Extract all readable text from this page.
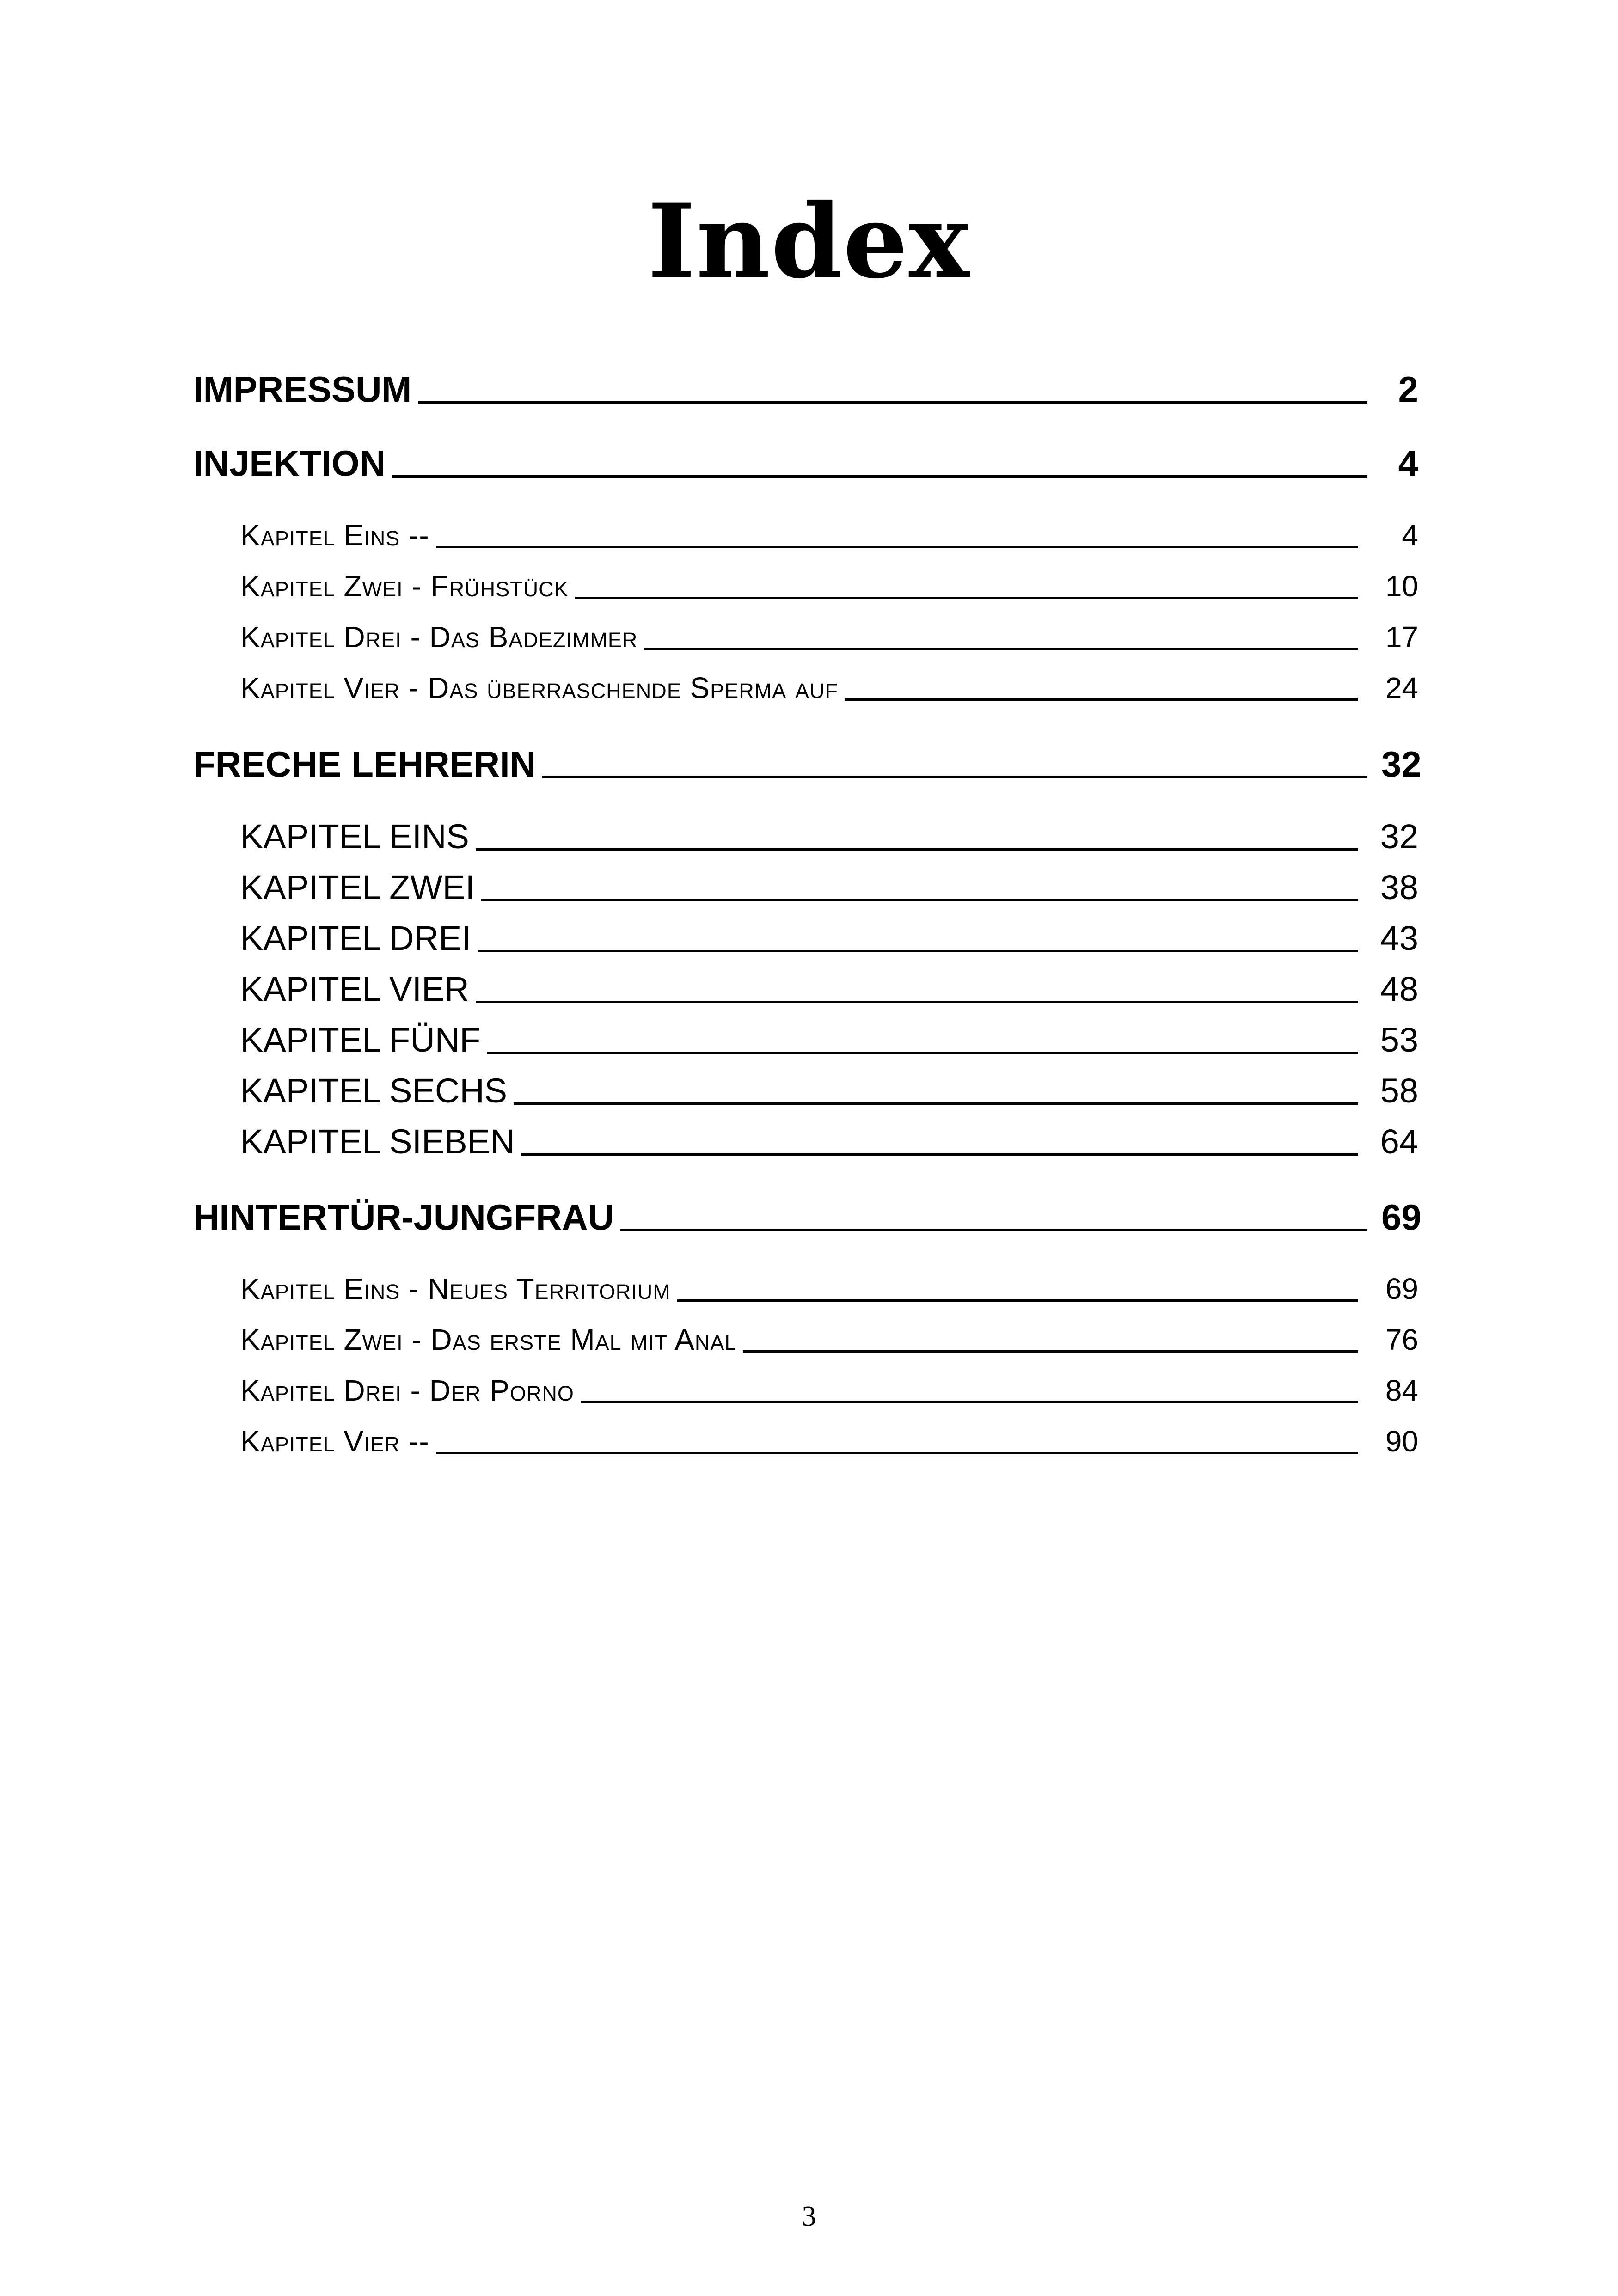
Index
IMPRESSUM	2
INJEKTION	4
Kapitel Eins --	4
Kapitel Zwei - Frühstück	10
Kapitel Drei - Das Badezimmer	17
Kapitel Vier - Das überraschende Sperma auf	24
FRECHE LEHRERIN	32
KAPITEL EINS	32
KAPITEL ZWEI	38
KAPITEL DREI	43
KAPITEL VIER	48
KAPITEL FÜNF	53
KAPITEL SECHS	58
KAPITEL SIEBEN	64
HINTERTÜR-JUNGFRAU	69
Kapitel Eins - Neues Territorium	69
Kapitel Zwei - Das erste Mal mit Anal	76
Kapitel Drei - Der Porno	84
Kapitel Vier --	90
3
